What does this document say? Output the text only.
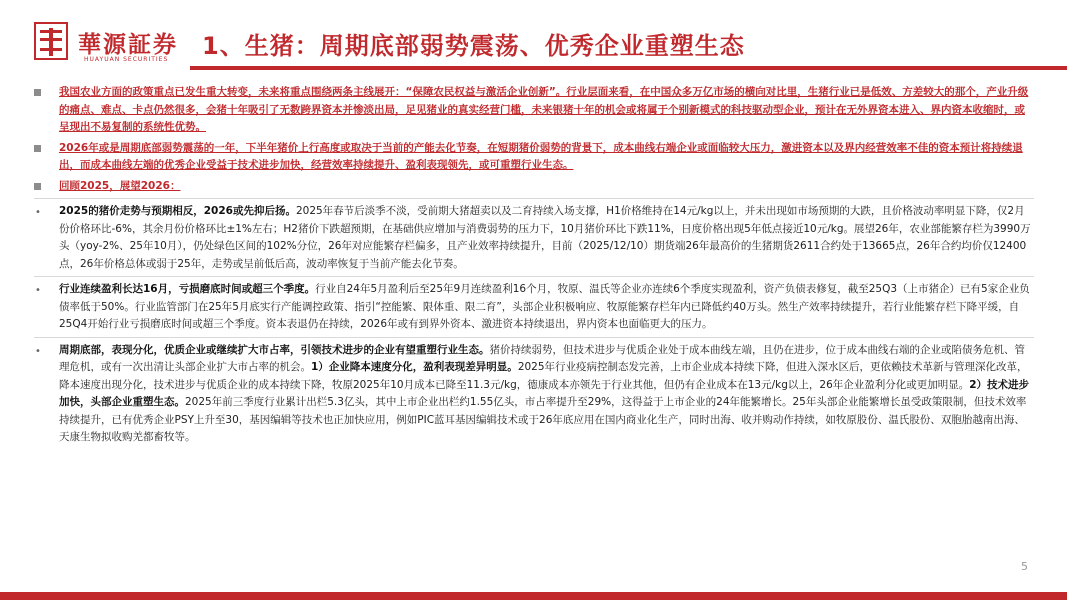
華源証券
HUAYUAN SECURITIES 1、生猪：周期底部弱势震荡、优秀企业重塑生态

我国农业方面的政策重点已发生重大转变，未来将重点围绕两条主线展开：“保障农民权益与激活企业创新”。行业层面来看，在中国众多万亿市场的横向对比里，生猪行业已是低效、方差较大的那个，产业升级的痛点、难点、卡点仍然很多，会猪十年吸引了无数跨界资本并惨淡出局，足见猪业的真实经营门槛，未来银猪十年的机会或将属于个别新模式的科技驱动型企业，预计在无外界资本进入、界内资本收缩时，或呈现出不易复制的系统性优势。

2026年或是周期底部弱势震荡的一年，下半年猪价上行高度或取决于当前的产能去化节奏，在短期猪价弱势的背景下，成本曲线右端企业或面临较大压力，激进资本以及界内经营效率不佳的资本预计将持续退出，而成本曲线左端的优秀企业受益于技术进步加快，经营效率持续提升、盈利表现领先，或可重塑行业生态。

回顾2025，展望2026：

• 2025的猪价走势与预期相反，2026或先抑后扬。2025年春节后淡季不淡，受前期大猪超卖以及二育持续入场支撑，H1价格维持在14元/kg以上，并未出现如市场预期的大跌，且价格波动率明显下降，仅2月份价格环比-6%，其余月份价格环比±1%左右；H2猪价下跌超预期，在基础供应增加与消费弱势的压力下，10月猪价环比下跌11%，日度价格出现5年低点接近10元/kg。展望26年，农业部能繁存栏为3990万头（yoy-2%、25年10月），仍处绿色区间的102%分位，26年对应能繁存栏偏多，且产业效率持续提升，目前（2025/12/10）期货端26年最高价的生猪期货2611合约处于13665点，26年合约均价仅12400点，26年价格总体或弱于25年，走势或呈前低后高，波动率恢复于当前产能去化节奏。

• 行业连续盈利长达16月，亏损磨底时间或超三个季度。行业自24年5月盈利后至25年9月连续盈利16个月，牧原、温氏等企业亦连续6个季度实现盈利，资产负债表修复，截至25Q3（上市猪企）已有5家企业负债率低于50%。行业监管部门在25年5月底实行产能调控政策、指引“控能繁、限体重、限二育”，头部企业积极响应、牧原能繁存栏年内已降低约40万头。然生产效率持续提升，若行业能繁存栏下降平缓，自25Q4开始行业亏损磨底时间或超三个季度。资本表退仍在持续，2026年或有到界外资本、激进资本持续退出，界内资本也面临更大的压力。

• 周期底部，表现分化，优质企业或继续扩大市占率，引领技术进步的企业有望重塑行业生态。猪价持续弱势，但技术进步与优质企业处于成本曲线左端，且仍在进步，位于成本曲线右端的企业或陷债务危机、管理危机，或有一次出清让头部企业扩大市占率的机会。1）企业降本速度分化，盈利表现差异明显。2025年行业疫病控制态发完善，上市企业成本持续下降，但进入深水区后，更依赖技术革新与管理深化改革，降本速度出现分化，技术进步与优质企业的成本持续下降，牧原2025年10月成本已降至11.3元/kg，德康成本亦领先于行业其他，但仍有企业成本在13元/kg以上，26年企业盈利分化或更加明显。2）技术进步加快，头部企业重塑生态。2025年前三季度行业累计出栏5.3亿头，其中上市企业出栏约1.55亿头，市占率提升至29%，这得益于上市企业的24年能繁增长。25年头部企业能繁增长虽受政策限制，但技术效率持续提升，已有优秀企业PSY上升至30，基因编辑等技术也正加快应用，例如PIC蓝耳基因编辑技术或于26年底应用在国内商业化生产，同时出海、收并购动作持续，如牧原股份、温氏股份、双胞胎越南出海、天康生物拟收购羌都畜牧等。

5
